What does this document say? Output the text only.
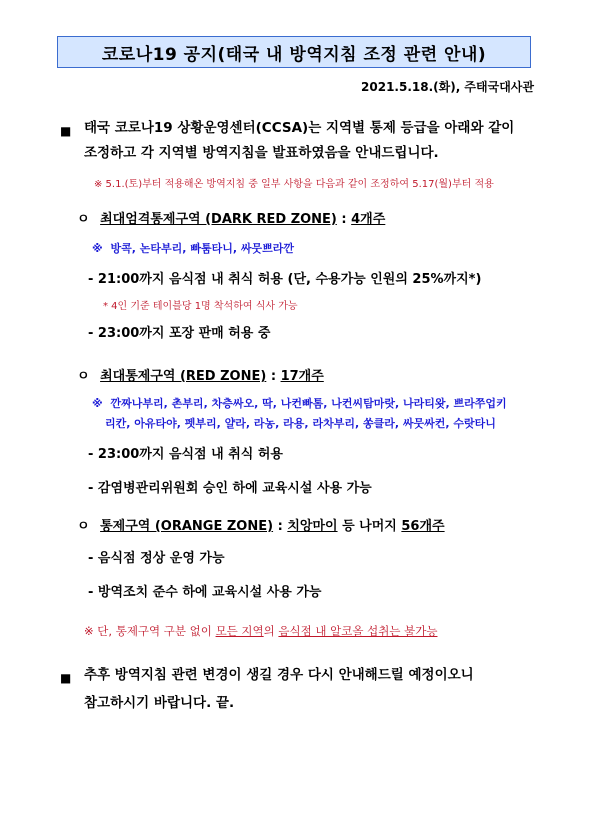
코로나19 공지(태국 내 방역지침 조정 관련 안내)
2021.5.18.(화), 주태국대사관
■ 태국 코로나19 상황운영센터(CCSA)는 지역별 통제 등급을 아래와 같이
조정하고 각 지역별 방역지침을 발표하였음을 안내드립니다.
※ 5.1.(토)부터 적용해온 방역지침 중 일부 사항을 다음과 같이 조정하여 5.17(월)부터 적용
ㅇ 최대엄격통제구역 (DARK RED ZONE) : 4개주
※ 방콕, 논타부리, 빠툼타니, 싸뭇쁘라깐
- 21:00까지 음식점 내 취식 허용 (단, 수용가능 인원의 25%까지*)
* 4인 기준 테이블당 1명 착석하여 식사 가능
- 23:00까지 포장 판매 허용 중
ㅇ 최대통제구역 (RED ZONE) : 17개주
※ 깐짜나부리, 촌부리, 차층싸오, 딱, 나컨빠톰, 나컨씨탐마랏, 나라티왓, 쁘라쭈업키
리칸, 아유타야, 펫부리, 얄라, 라농, 라용, 라차부리, 쏭클라, 싸뭇싸컨, 수랏타니
- 23:00까지 음식점 내 취식 허용
- 감염병관리위원회 승인 하에 교육시설 사용 가능
ㅇ 통제구역 (ORANGE ZONE) : 치앙마이 등 나머지 56개주
- 음식점 정상 운영 가능
- 방역조치 준수 하에 교육시설 사용 가능
※ 단, 통제구역 구분 없이 모든 지역의 음식점 내 알코올 섭취는 불가능
■ 추후 방역지침 관련 변경이 생길 경우 다시 안내해드릴 예정이오니
참고하시기 바랍니다. 끝.
